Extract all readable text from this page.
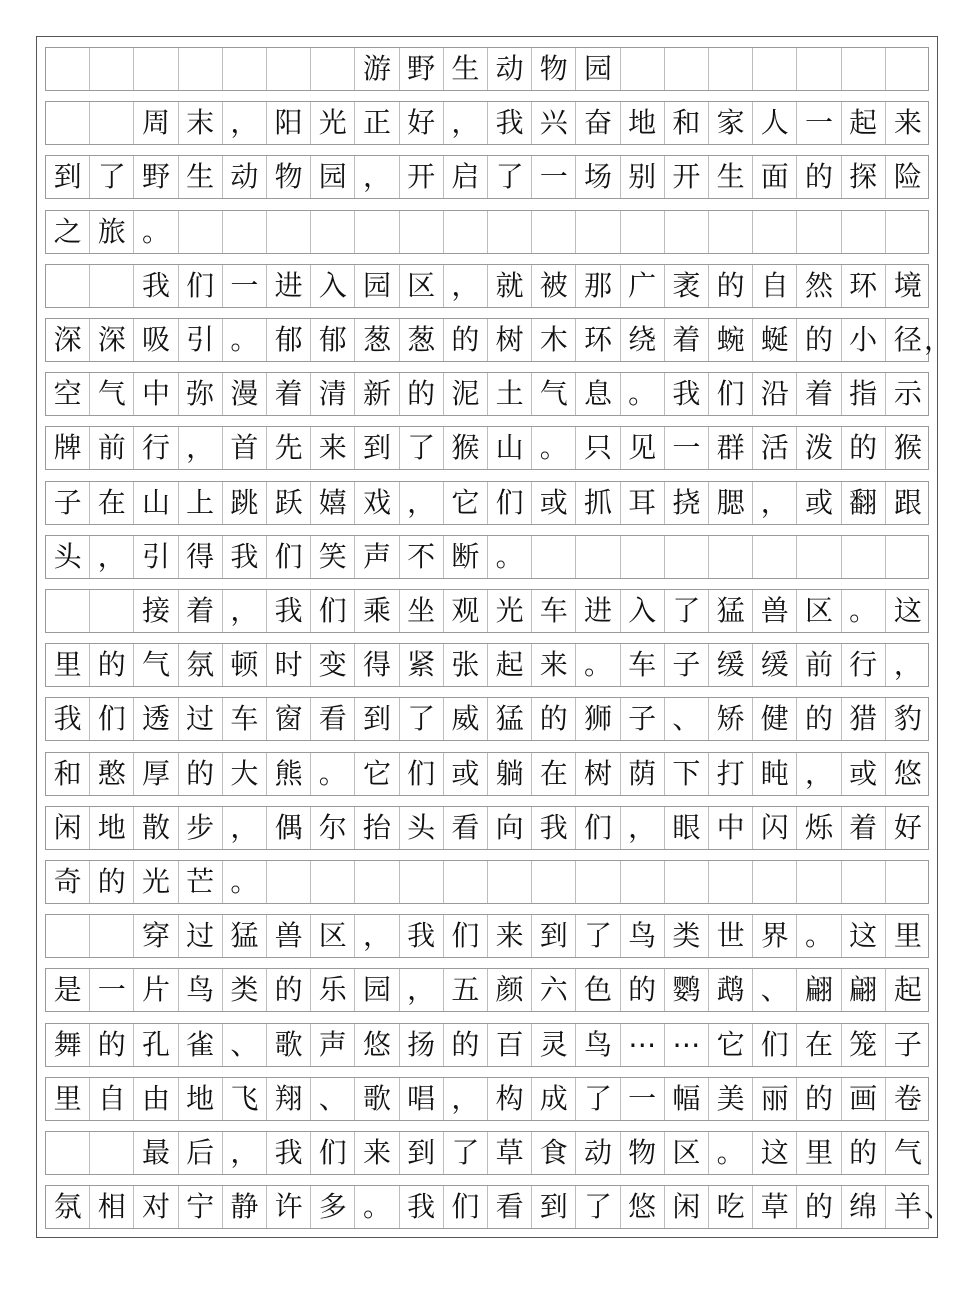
游 野 生 动 物 园
周 末 ， 阳 光 正 好 ， 我 兴 奋 地 和 家 人 一 起 来
到 了 野 生 动 物 园 ， 开 启 了 一 场 别 开 生 面 的 探 险
之 旅 。
我 们 一 进 入 园 区 ， 就 被 那 广 袤 的 自 然 环 境
深 深 吸 引 。 郁 郁 葱 葱 的 树 木 环 绕 着 蜿 蜒 的 小 径 ，
空 气 中 弥 漫 着 清 新 的 泥 土 气 息 。 我 们 沿 着 指 示
牌 前 行 ， 首 先 来 到 了 猴 山 。 只 见 一 群 活 泼 的 猴
子 在 山 上 跳 跃 嬉 戏 ， 它 们 或 抓 耳 挠 腮 ， 或 翻 跟
头 ， 引 得 我 们 笑 声 不 断 。
接 着 ， 我 们 乘 坐 观 光 车 进 入 了 猛 兽 区 。 这
里 的 气 氛 顿 时 变 得 紧 张 起 来 。 车 子 缓 缓 前 行 ，
我 们 透 过 车 窗 看 到 了 威 猛 的 狮 子 、 矫 健 的 猎 豹
和 憨 厚 的 大 熊 。 它 们 或 躺 在 树 荫 下 打 盹 ， 或 悠
闲 地 散 步 ， 偶 尔 抬 头 看 向 我 们 ， 眼 中 闪 烁 着 好
奇 的 光 芒 。
穿 过 猛 兽 区 ， 我 们 来 到 了 鸟 类 世 界 。 这 里
是 一 片 鸟 类 的 乐 园 ， 五 颜 六 色 的 鹦 鹉 、 翩 翩 起
舞 的 孔 雀 、 歌 声 悠 扬 的 百 灵 鸟 ⋯ ⋯ 它 们 在 笼 子
里 自 由 地 飞 翔 、 歌 唱 ， 构 成 了 一 幅 美 丽 的 画 卷
最 后 ， 我 们 来 到 了 草 食 动 物 区 。 这 里 的 气
氛 相 对 宁 静 许 多 。 我 们 看 到 了 悠 闲 吃 草 的 绵 羊 、
